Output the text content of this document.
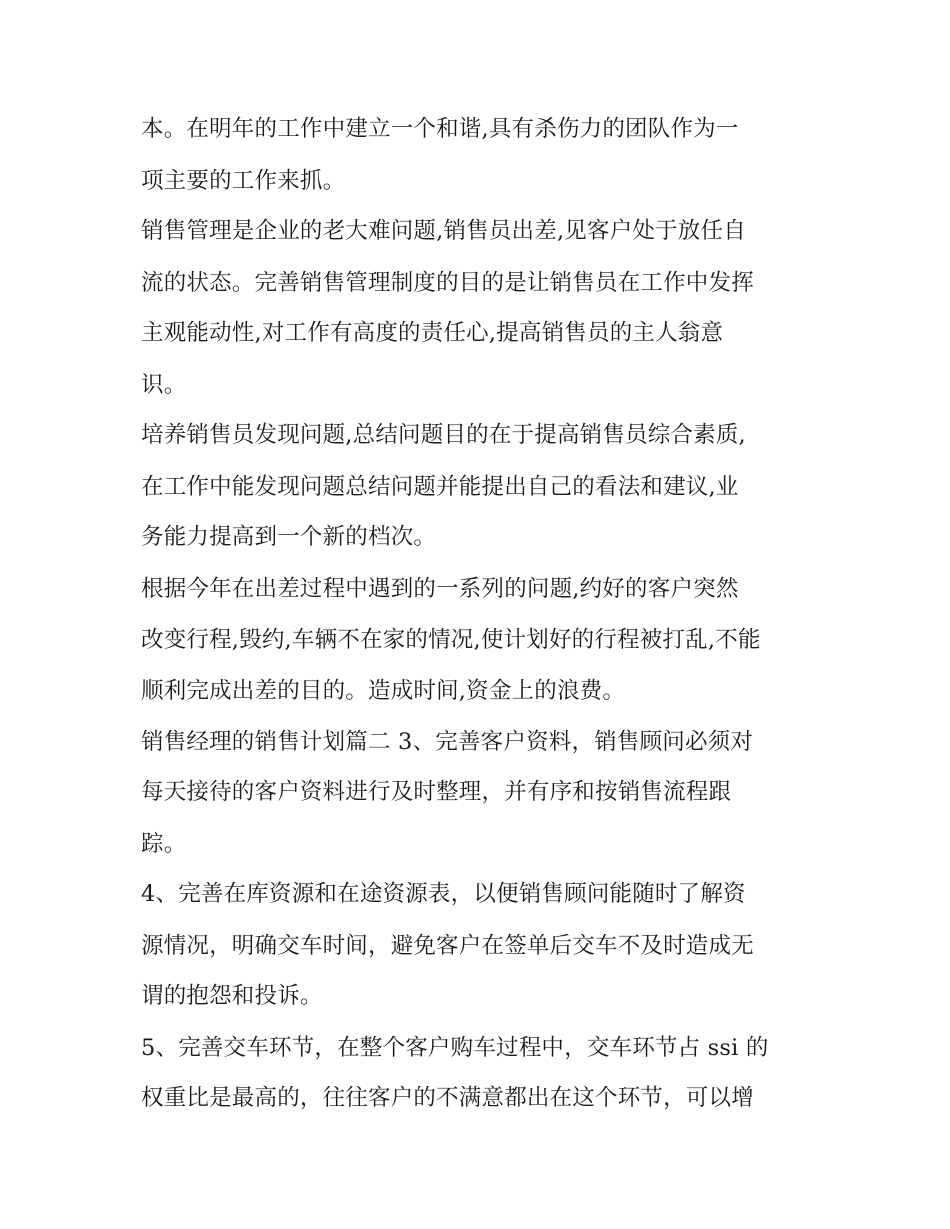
本。在明年的工作中建立一个和谐,具有杀伤力的团队作为一
项主要的工作来抓。
销售管理是企业的老大难问题,销售员出差,见客户处于放任自
流的状态。完善销售管理制度的目的是让销售员在工作中发挥
主观能动性,对工作有高度的责任心,提高销售员的主人翁意
识。
培养销售员发现问题,总结问题目的在于提高销售员综合素质,
在工作中能发现问题总结问题并能提出自己的看法和建议,业
务能力提高到一个新的档次。
根据今年在出差过程中遇到的一系列的问题,约好的客户突然
改变行程,毁约,车辆不在家的情况,使计划好的行程被打乱,不能
顺利完成出差的目的。造成时间,资金上的浪费。
销售经理的销售计划篇二 3、完善客户资料，销售顾问必须对
每天接待的客户资料进行及时整理，并有序和按销售流程跟
踪。
4、完善在库资源和在途资源表，以便销售顾问能随时了解资
源情况，明确交车时间，避免客户在签单后交车不及时造成无
谓的抱怨和投诉。
5、完善交车环节，在整个客户购车过程中，交车环节占 ssi 的
权重比是最高的，往往客户的不满意都出在这个环节，可以增
